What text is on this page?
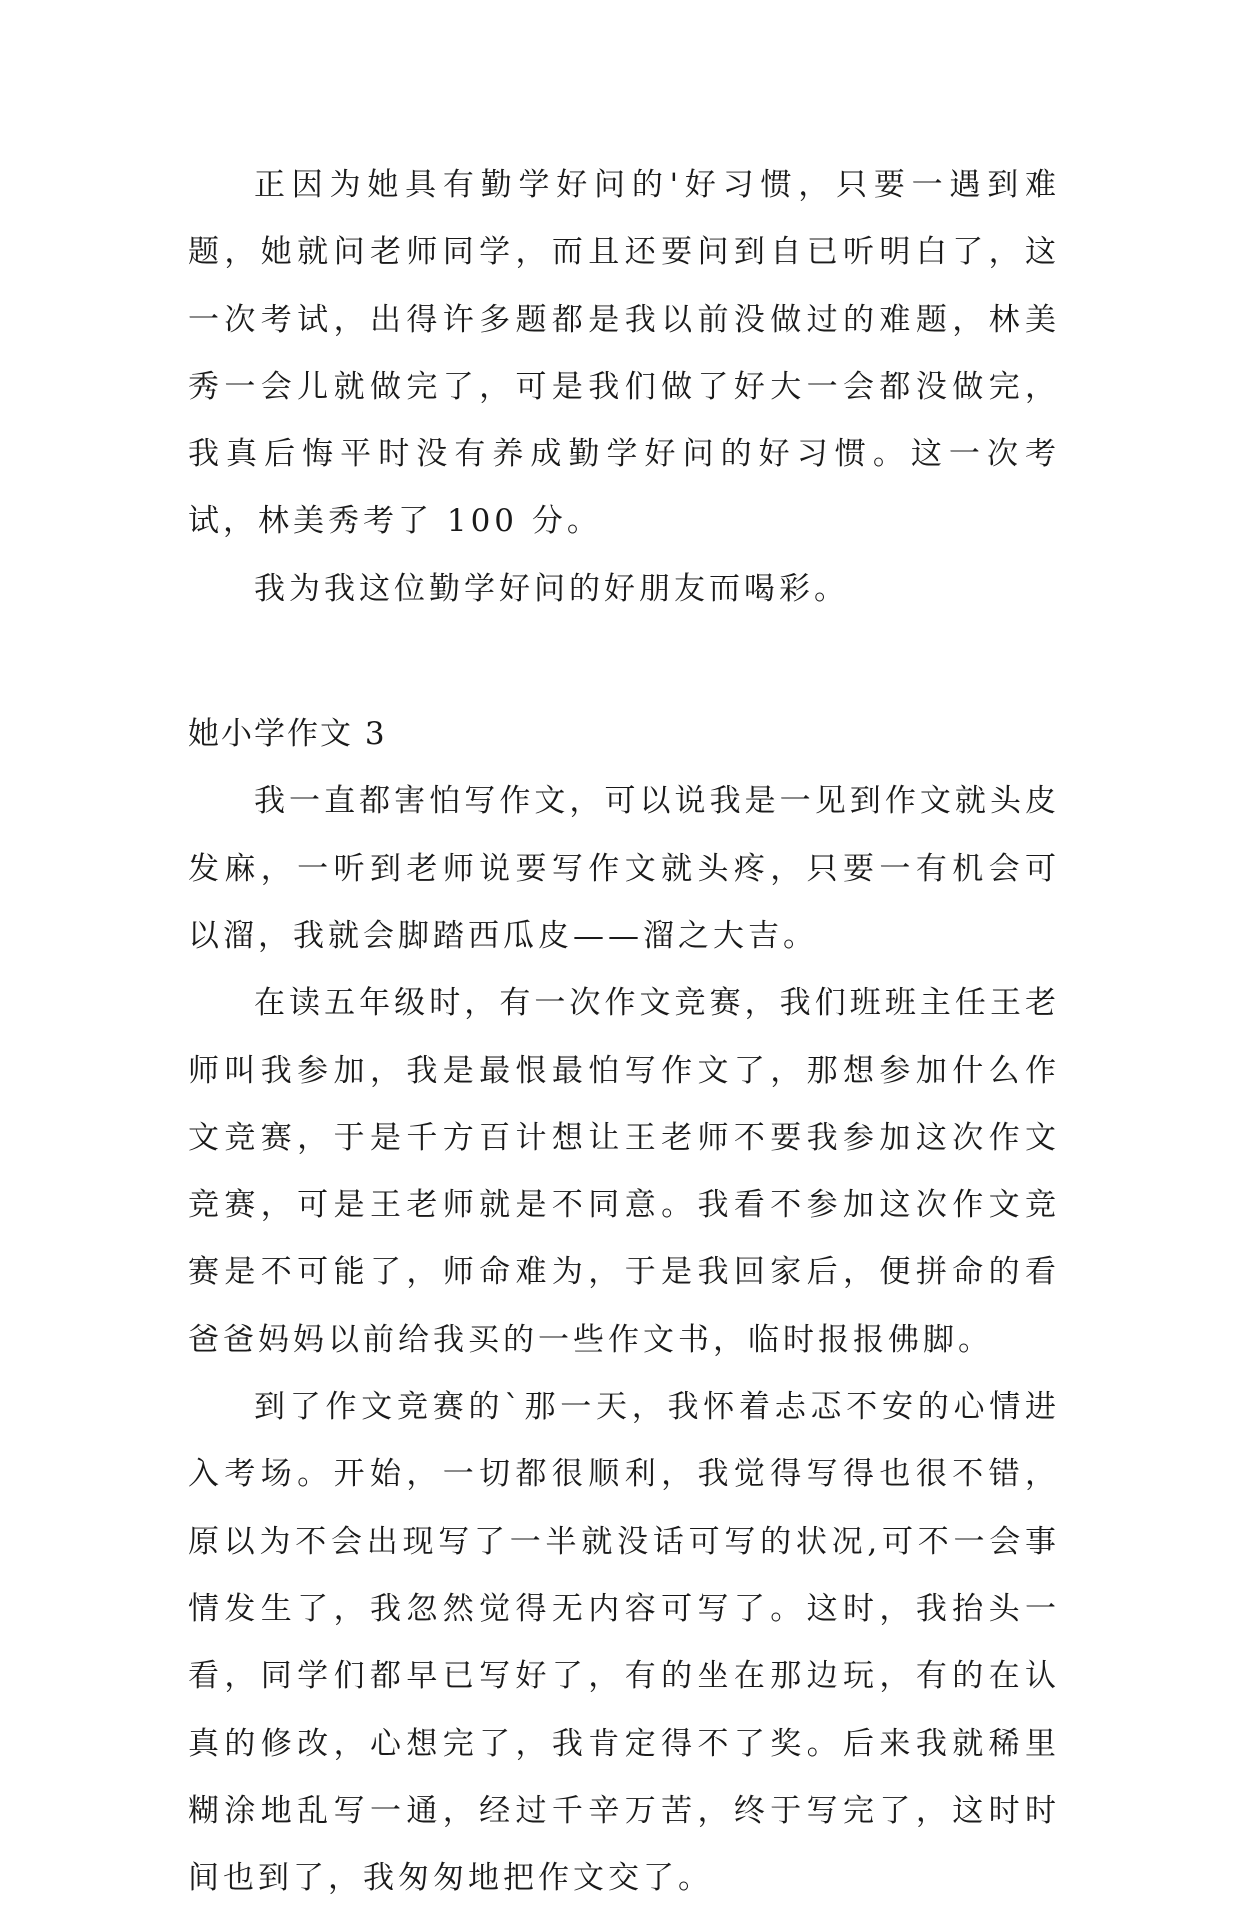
正因为她具有勤学好问的'好习惯，只要一遇到难题，她就问老师同学，而且还要问到自已听明白了，这一次考试，出得许多题都是我以前没做过的难题，林美秀一会儿就做完了，可是我们做了好大一会都没做完，我真后悔平时没有养成勤学好问的好习惯。这一次考试，林美秀考了 100 分。

我为我这位勤学好问的好朋友而喝彩。

她小学作文 3

我一直都害怕写作文，可以说我是一见到作文就头皮发麻，一听到老师说要写作文就头疼，只要一有机会可以溜，我就会脚踏西瓜皮——溜之大吉。

在读五年级时，有一次作文竞赛，我们班班主任王老师叫我参加，我是最恨最怕写作文了，那想参加什么作文竞赛，于是千方百计想让王老师不要我参加这次作文竞赛，可是王老师就是不同意。我看不参加这次作文竞赛是不可能了，师命难为，于是我回家后，便拼命的看爸爸妈妈以前给我买的一些作文书，临时报报佛脚。

到了作文竞赛的`那一天，我怀着忐忑不安的心情进入考场。开始，一切都很顺利，我觉得写得也很不错，原以为不会出现写了一半就没话可写的状况,可不一会事情发生了，我忽然觉得无内容可写了。这时，我抬头一看，同学们都早已写好了，有的坐在那边玩，有的在认真的修改，心想完了，我肯定得不了奖。后来我就稀里糊涂地乱写一通，经过千辛万苦，终于写完了，这时时间也到了，我匆匆地把作文交了。
